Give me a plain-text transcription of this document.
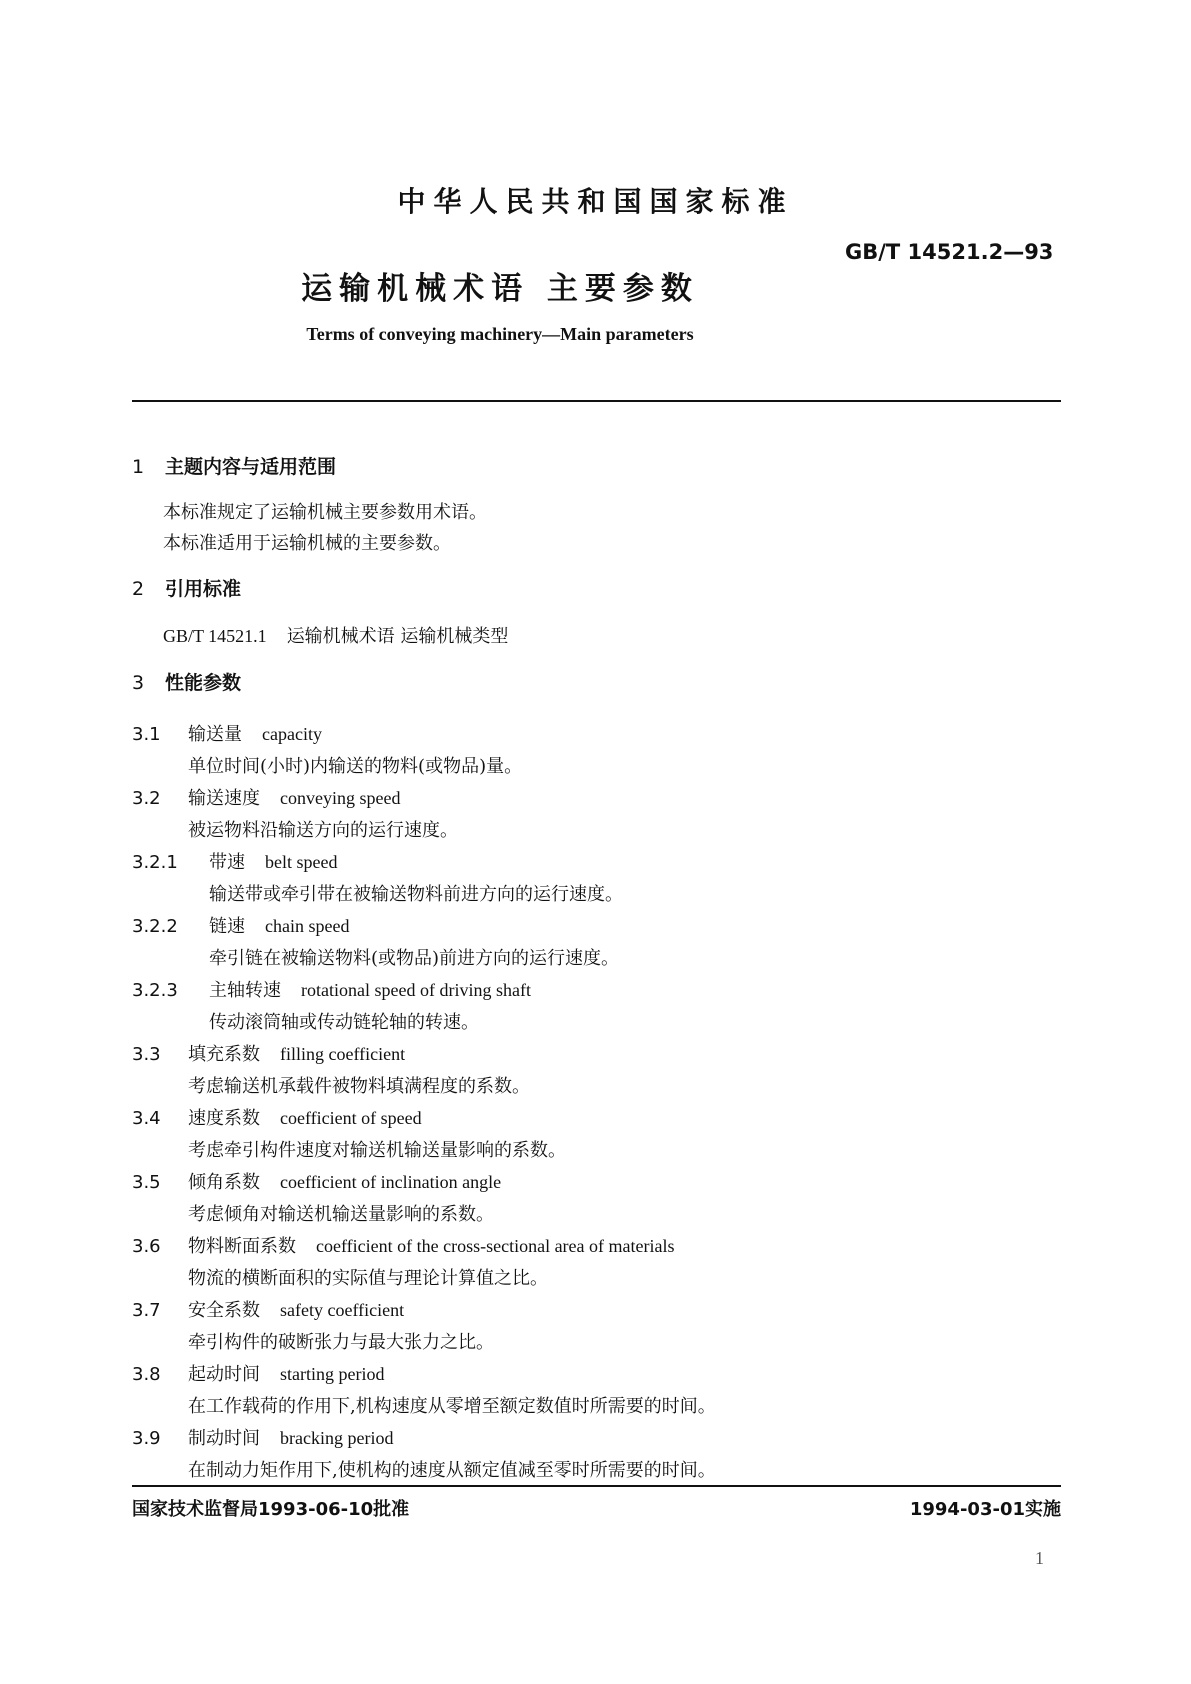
中华人民共和国国家标准
GB/T 14521.2—93
运输机械术语 主要参数
Terms of conveying machinery—Main parameters
1 主题内容与适用范围
本标准规定了运输机械主要参数用术语。
本标准适用于运输机械的主要参数。
2 引用标准
GB/T 14521.1 运输机械术语 运输机械类型
3 性能参数
3.1 输送量 capacity
单位时间(小时)内输送的物料(或物品)量。
3.2 输送速度 conveying speed
被运物料沿输送方向的运行速度。
3.2.1 带速 belt speed
输送带或牵引带在被输送物料前进方向的运行速度。
3.2.2 链速 chain speed
牵引链在被输送物料(或物品)前进方向的运行速度。
3.2.3 主轴转速 rotational speed of driving shaft
传动滚筒轴或传动链轮轴的转速。
3.3 填充系数 filling coefficient
考虑输送机承载件被物料填满程度的系数。
3.4 速度系数 coefficient of speed
考虑牵引构件速度对输送机输送量影响的系数。
3.5 倾角系数 coefficient of inclination angle
考虑倾角对输送机输送量影响的系数。
3.6 物料断面系数 coefficient of the cross-sectional area of materials
物流的横断面积的实际值与理论计算值之比。
3.7 安全系数 safety coefficient
牵引构件的破断张力与最大张力之比。
3.8 起动时间 starting period
在工作载荷的作用下,机构速度从零增至额定数值时所需要的时间。
3.9 制动时间 bracking period
在制动力矩作用下,使机构的速度从额定值减至零时所需要的时间。
国家技术监督局1993-06-10批准	1994-03-01实施
1
